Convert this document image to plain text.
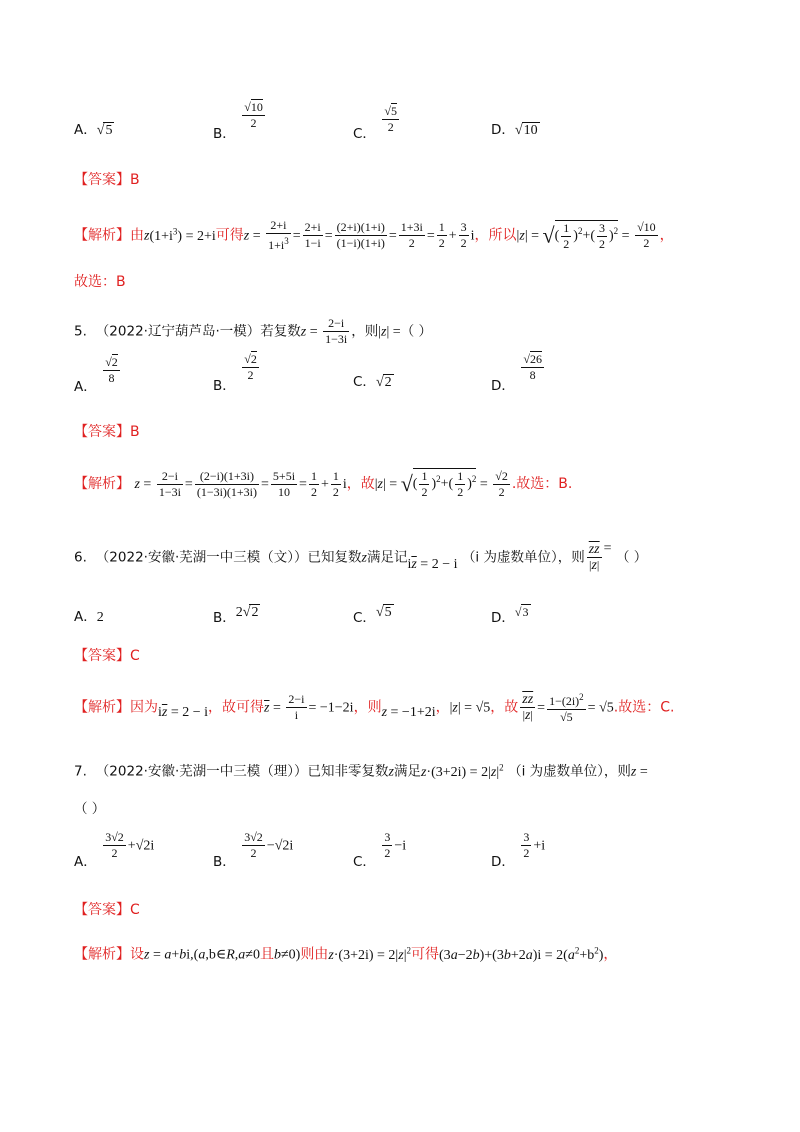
A．√5	B．
$\frac{√10}{2}$
C． $\frac{√5}{2}$	D．√10
【答案】B
【解析】由$z(1+i^3) = 2+i$可得$z = \frac{2+i}{1+i^3} = \frac{2+i}{1-i} = \frac{(2+i)(1+i)}{(1-i)(1+i)} = \frac{1+3i}{2} = \frac{1}{2} + \frac{3}{2}$ i，所以|z| = √( $\frac{1}{2} )^2+( \frac{3}{2} )^2 = \frac{√10}{2}$ ，
故选：B
5. （2022·辽宁葫芦岛·一模）若复数$z = \frac{2-i}{1-3i}$ ，则|z| =（ ）
A．
$\frac{√2}{8}$	B．
$\frac{√2}{2}$	C．√2	D．
$\frac{√26}{8}$
【答案】B
【解析】 $z = \frac{2-i}{1-3i} = \frac{(2-i)(1+3i)}{(1-3i)(1+3i)} = \frac{5+5i}{10} = \frac{1}{2} + \frac{1}{2}$ i，故|z| = √( $\frac{1}{2} )^2+( \frac{1}{2} )^2 = \frac{√2}{2}$ .故选：B.
6. （2022·安徽·芜湖一中三模（文））已知复数z满足记$i\overline{z} = 2 - i$ （i 为虚数单位），则 $\frac{\overline{zz}}{|z|}$ = （ ）
A．2	B．2√2	C．√5	D．√3
【答案】C
【解析】因为$i\overline{z} = 2 - i$，故可得$\overline{z} = \frac{2-i}{i} = -1-2i$，则z = −1+2i，|z| = √5，故 $\frac{\overline{zz}}{|z|} = \frac{1-(2i)^2}{√5} = √5$.故选：C.
7. （2022·安徽·芜湖一中三模（理））已知非零复数z满足$z\cdot(3+2i) = 2|z|^2$ （i 为虚数单位），则z =
（ ）
A．
$\frac{3√2}{2} +√2i$
B．
$\frac{3√2}{2} -√2i$
C．
$\frac{3}{2} -i$
D．
$\frac{3}{2} +i$
【答案】C
【解析】设z = a+bi,(a,b∈R,a≠0且b≠0)则由$z\cdot(3+2i) = 2|z|^2$可得$(3a-2b)+(3b+2a)i = 2(a^2+b^2)$，
